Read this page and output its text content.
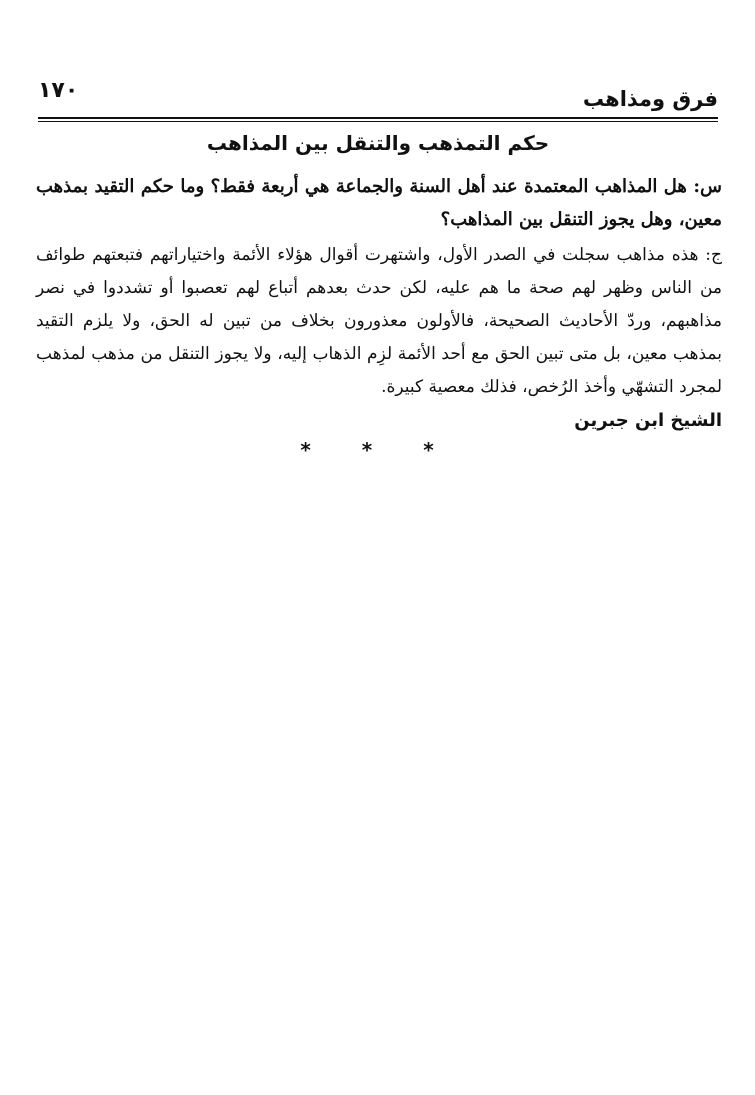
١٧٠	فرق ومذاهب
حكم التمذهب والتنقل بين المذاهب

س: هل المذاهب المعتمدة عند أهل السنة والجماعة هي أربعة فقط؟ وما حكم التقيد بمذهب معين، وهل يجوز التنقل بين المذاهب؟

ج: هذه مذاهب سجلت في الصدر الأول، واشتهرت أقوال هؤلاء الأئمة واختياراتهم فتبعتهم طوائف من الناس وظهر لهم صحة ما هم عليه، لكن حدث بعدهم أتباع لهم تعصبوا أو تشددوا في نصر مذاهبهم، وردّ الأحاديث الصحيحة، فالأولون معذورون بخلاف من تبين له الحق، ولا يلزم التقيد بمذهب معين، بل متى تبين الحق مع أحد الأئمة لزِم الذهاب إليه، ولا يجوز التنقل من مذهب لمذهب لمجرد التشهّي وأخذ الرُخص، فذلك معصية كبيرة.

الشيخ ابن جبرين

* * *
